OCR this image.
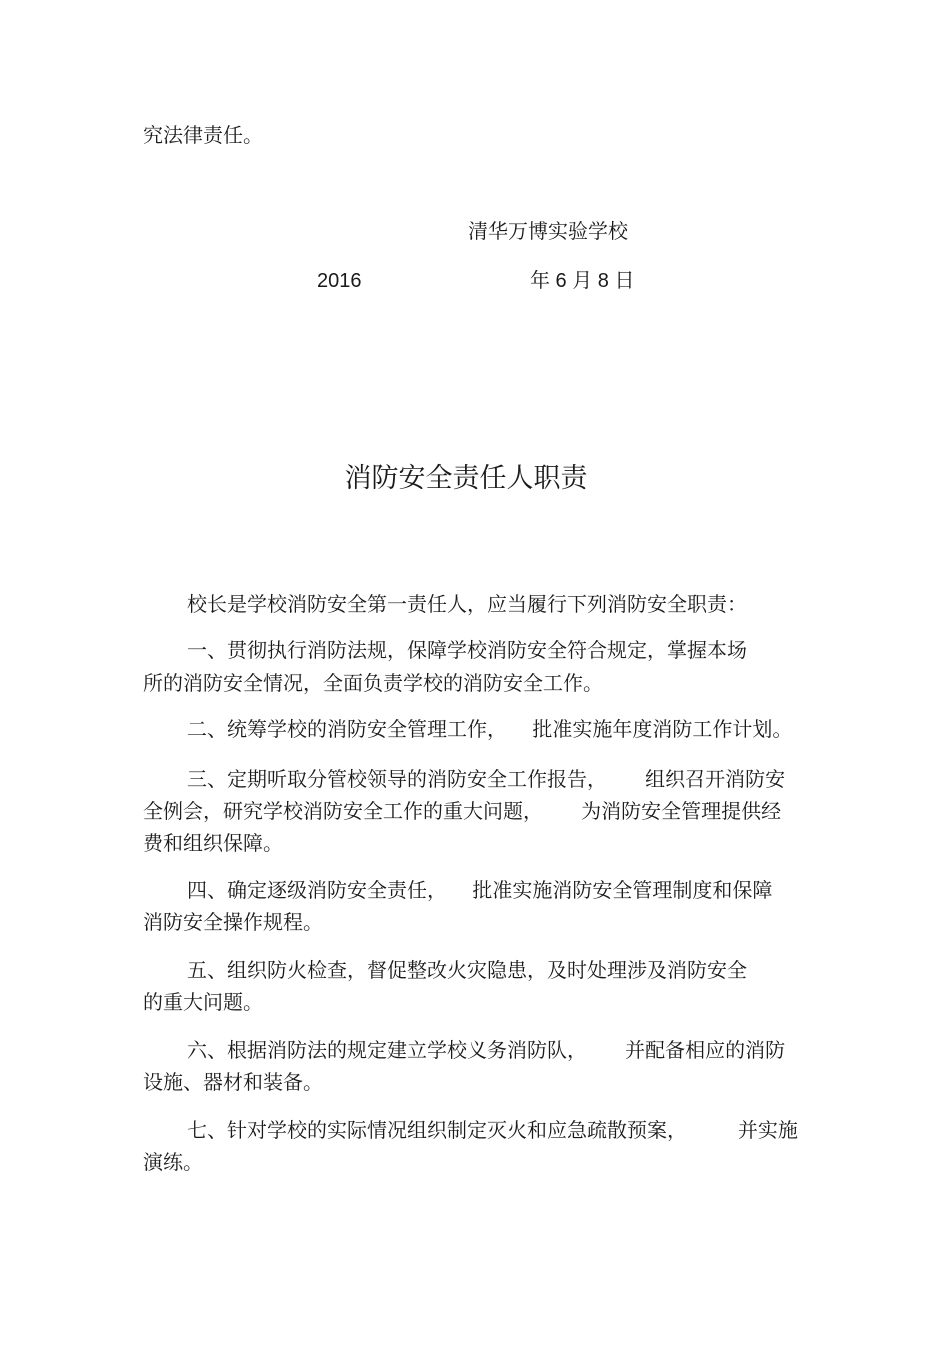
究法律责任。
清华万博实验学校
2016	年 6 月 8 日
消防安全责任人职责
校长是学校消防安全第一责任人，应当履行下列消防安全职责：
一、贯彻执行消防法规，保障学校消防安全符合规定，掌握本场
所的消防安全情况，全面负责学校的消防安全工作。
二、统筹学校的消防安全管理工作，    批准实施年度消防工作计划。
三、定期听取分管校领导的消防安全工作报告，      组织召开消防安
全例会，研究学校消防安全工作的重大问题，      为消防安全管理提供经
费和组织保障。
四、确定逐级消防安全责任，    批准实施消防安全管理制度和保障
消防安全操作规程。
五、组织防火检查，督促整改火灾隐患，及时处理涉及消防安全
的重大问题。
六、根据消防法的规定建立学校义务消防队，      并配备相应的消防
设施、器材和装备。
七、针对学校的实际情况组织制定灭火和应急疏散预案，        并实施
演练。
